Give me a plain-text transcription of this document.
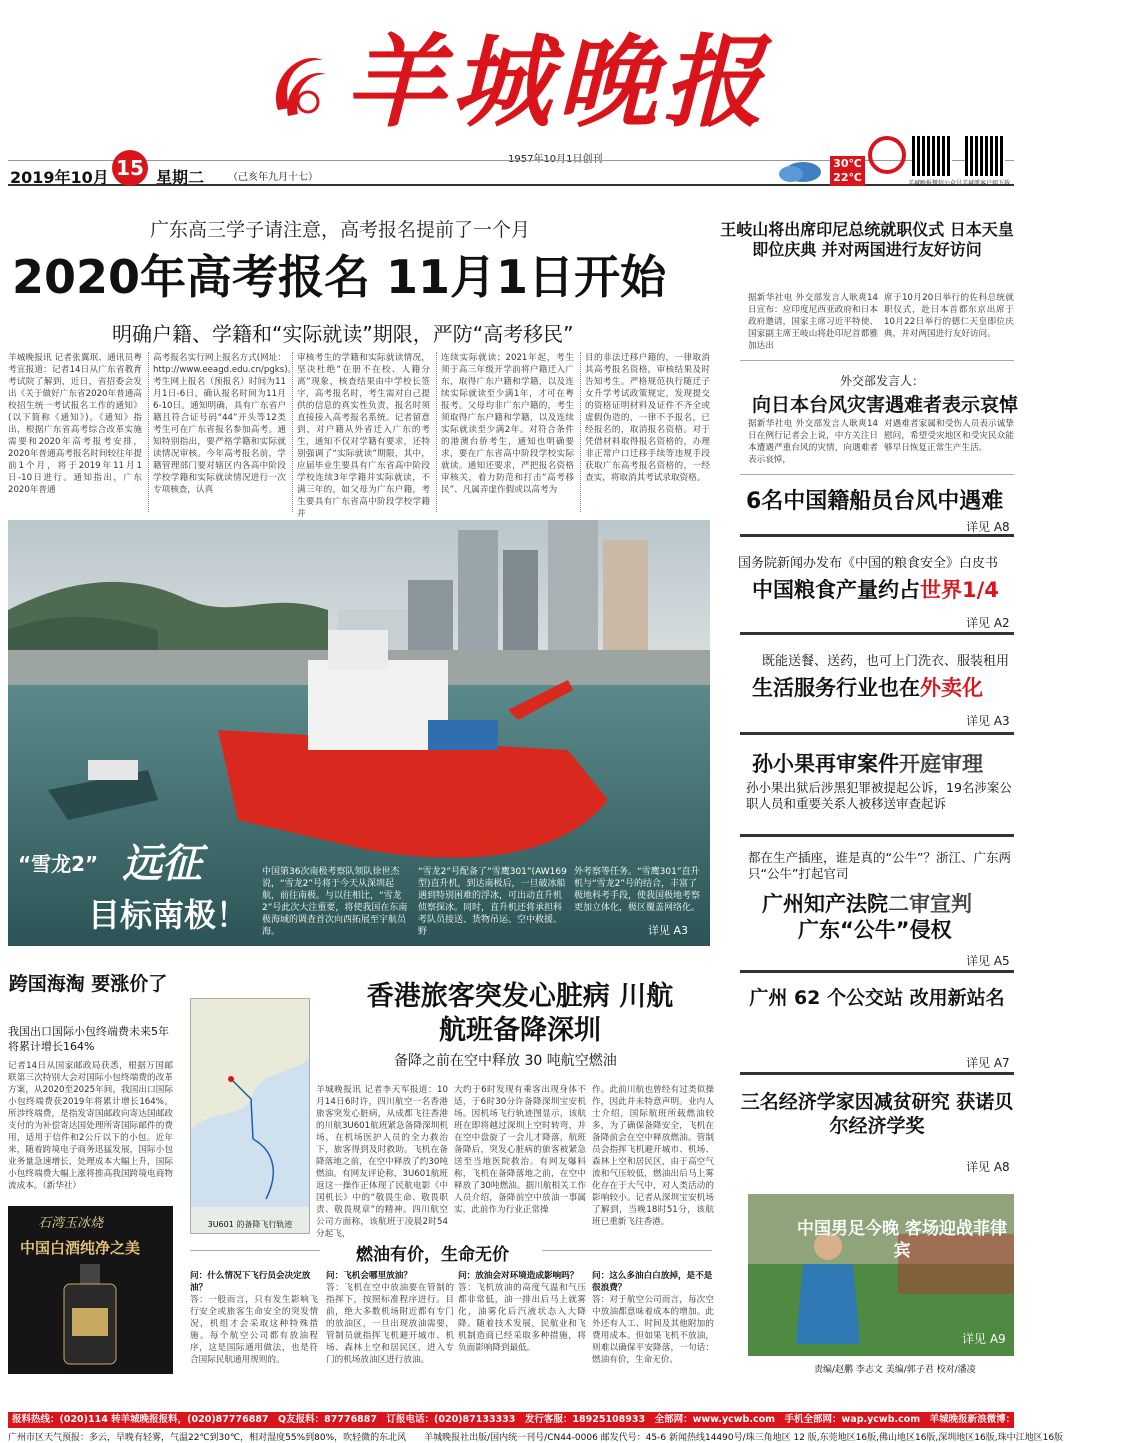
羊城晚报
1957年10月1日创刊
2019年10月 15 星期二 （己亥年九月十七）
30℃
22℃	羊城晚报微信公众号 羊城派客户端下载
广东高三学子请注意，高考报名提前了一个月
2020年高考报名 11月1日开始
明确户籍、学籍和“实际就读”期限，严防“高考移民”
羊城晚报讯 记者张翼珉、通讯员粤考宣报道：记者14日从广东省教育考试院了解到，近日，省招委会发出《关于做好广东省2020年普通高校招生统一考试报名工作的通知》(以下简称《通知》)。《通知》指出，根据广东省高考综合改革实施需要和2020年高考报考安排，2020年普通高考报名时间较往年提前1个月，将于2019年11月1日-10日进行。通知指出，广东2020年普通
高考报名实行网上报名方式(网址：http://www.eeagd.edu.cn/pgks)。考生网上报名（预报名）时间为11月1日-6日，确认报名时间为11月6-10日。通知明确，具有广东省户籍且符合证号码“44”开头等12类考生可在广东省报名参加高考。通知特别指出，要严格学籍和实际就读情况审核。今年高考报名前，学籍管理部门要对辖区内各高中阶段学校学籍和实际就读情况进行一次专项核查，认真
审核考生的学籍和实际就读情况，坚决杜绝“在册不在校、人籍分离”现象，核查结果由中学校长签字，高考报名时，考生需对自己提供的信息的真实性负责，报名时须直接接入高考报名系统。记者留意到，对户籍从外省迁入广东的考生，通知不仅对学籍有要求，还特别强调了“实际就读”期限，其中，应届毕业生要具有广东省高中阶段学校连续3年学籍并实际就读，不满三年的，如父母为广东户籍，考生要具有广东省高中阶段学校学籍并
连续实际就读；2021年起，考生须于高三年级开学前将户籍迁入广东，取得广东户籍和学籍，以及连续实际就读至少满1年，才可在粤报考。父母均非广东户籍的，考生须取得广东户籍和学籍，以及连续实际就读至少满2年。对符合条件的港澳台侨考生，通知也明确要求，要在广东省高中阶段学校实际就读。通知还要求，严把报名资格审核关，着力防范和打击“高考移民”、凡属弄虚作假或以高考为
目的非法迁移户籍的，一律取消其高考报名资格，审核结果及时告知考生。严格规范执行随迁子女升学考试政策规定，发现提交的资格证明材料及证件不齐全或虚假伪造的，一律不予报名，已经报名的，取消报名资格。对于凭借材料取得报名资格的，办理非正常户口迁移手续等违规手段获取广东高考报名资格的，一经查实，将取消其考试录取资格。
“雪龙2” 远征
目标南极！
中国第36次南极考察队领队徐世杰说，“雪龙2”号将于今天从深圳起航，前往南极。与以往相比，“雪龙2”号此次大注重要，将使我国在东南极海域的调查首次向西拓展至宇航员海。
“雪龙2”号配备了“雪鹰301”(AW169型)直升机，到达南极后，一旦破冰船遇到特别困难的浮冰，可出动直升机侦察探冰。同时，直升机还将承担科考队员接送、货物吊运、空中救援、野
外考察等任务。“雪鹰301”直升机与“雪龙2”号的结合，丰富了极地科考手段，使我国极地考察更加立体化，极区覆盖网络化。
详见 A3
王岐山将出席印尼总统就职仪式 日本天皇即位庆典 并对两国进行友好访问
据新华社电 外交部发言人耿爽14日宣布：应印度尼西亚政府和日本政府邀请，国家主席习近平特使、国家副主席王岐山将赴印尼首都雅加达出
席于10月20日举行的佐科总统就职仪式，赴日本首都东京出席于10月22日举行的德仁天皇即位庆典，并对两国进行友好访问。
外交部发言人：
向日本台风灾害遇难者表示哀悼
据新华社电 外交部发言人耿爽14日在例行记者会上说，中方关注日本遭遇严重台风的灾情，向遇难者表示哀悼，
对遇难者家属和受伤人员表示诚挚慰问，希望受灾地区和受灾民众能够早日恢复正常生产生活。
6名中国籍船员台风中遇难
详见 A8
国务院新闻办发布《中国的粮食安全》白皮书
中国粮食产量约占世界1/4
详见 A2
既能送餐、送药，也可上门洗衣、服装租用
生活服务行业也在外卖化
详见 A3
孙小果再审案件开庭审理
孙小果出狱后涉黑犯罪被提起公诉，19名涉案公职人员和重要关系人被移送审查起诉
都在生产插座，谁是真的“公牛”？浙江、广东两只“公牛”打起官司
广州知产法院二审宣判
广东“公牛”侵权
详见 A5
广州 62 个公交站 改用新站名
详见 A7
三名经济学家因减贫研究 获诺贝尔经济学奖
详见 A8
中国男足今晚 客场迎战菲律宾
详见 A9
跨国海淘 要涨价了
我国出口国际小包终端费未来5年将累计增长164%
记者14日从国家邮政局获悉，根据万国邮联第三次特别大会对国际小包终端费的改革方案，从2020至2025年间，我国出口国际小包终端费获2019年将累计增长164%。所涉终端费，是指发寄国邮政向寄达国邮政支付的为补偿寄达国处理所寄国际邮件的费用，适用于信件和2公斤以下的小包。近年来，随着跨境电子商务迅猛发展，国际小包业务量急速增长，处理成本大幅上升，国际小包终端费大幅上涨将推高我国跨境电商物流成本。（新华社）
石湾玉冰烧
中国白酒纯净之美
香港旅客突发心脏病 川航航班备降深圳
备降之前在空中释放 30 吨航空燃油
3U601 的备降飞行轨迹
羊城晚报讯 记者李天军报道：10月14日6时许，四川航空一名香港旅客突发心脏病，从成都飞往香港的川航3U601航班紧急备降深圳机场，在机场医护人员的全力救治下，旅客得到及时救助。飞机在备降落地之前，在空中释放了约30吨燃油。有网友评论称，3U601航班返这一操作正体现了民航电影《中国机长》中的“敬畏生命、敬畏职责、敬畏规章”的精神。四川航空公司方面称，该航班于凌晨2时54分起飞，
大约于6时发现有乘客出现身体不适，于6时30分许备降深圳宝安机场。因机场飞行轨迹图显示，该航班在即将越过深圳上空时转弯，并在空中盘旋了一会儿才降落，航班备降后，突发心脏病的旅客被紧急送至当地医院救治。有网友爆料称，飞机在备降落地之前，在空中释放了30吨燃油。据川航相关工作人员介绍，备降前空中放油一事属实，此前作为行业正常操
作。此前川航也曾经有过类似操作，因此并未特意声明。业内人士介绍，国际航班所载燃油较多，为了确保备降安全，飞机在备降前会在空中释放燃油。管制员会指挥飞机避开城市、机场、森林上空和居民区，由于高空气流和气压较低，燃油出后马上雾化存在于大气中，对人类活动的影响较小。记者从深圳宝安机场了解到，当晚18时51分，该航班已重新飞往香港。
燃油有价，生命无价
问：什么情况下飞行员会决定放油？
答：一般而言，只有发生影响飞行安全或旅客生命安全的突发情况，机组才会采取这种特殊措施。每个航空公司都有放油程序，这是国际通用做法，也是符合国际民航通用规则的。
问：飞机会哪里放油？
答：飞机在空中放油要在管制的指挥下，按照标准程序进行。目前，绝大多数机场附近都有专门的放油区，一旦出现放油需要，管制员就指挥飞机避开城市、机场、森林上空和居民区，进入专门的机场放油区进行放油。
问：放油会对环境造成影响吗？
答：飞机放油的高度气温和气压都非常低，油一排出后马上就雾化，油雾化后汽液状态入大降降。随着技术发展，民航业和飞机制造商已经采取多种措施，将负面影响降到最低。
问：这么多油白白放掉，是不是很浪费？
答：对于航空公司而言，每次空中放油都意味着成本的增加。此外还有人工、时间及其他附加的费用成本。但如果飞机不放油，则难以确保平安降落，一句话：燃油有价，生命无价。
责编/赵鹏 李志文 美编/郭子君 校对/潘凌
报料热线：(020)114 转羊城晚报报料，(020)87776887　Q友报料：87776887　订报电话：(020)87133333　发行客服：18925108933　全部网：www.ycwb.com　手机全部网：wap.ycwb.com　羊城晚报新浪微博：weibo.com/ycwb2010
广州市区天气预报：多云，早晚有轻雾，气温22℃到30℃，相对湿度55%到80%，吹轻微的东北风　　羊城晚报社出版/国内统一刊号/CN44-0006 邮发代号：45-6 新闻热线14490号/珠三角地区 12 版,东莞地区16版,佛山地区16版,深圳地区16版,珠中江地区16版
